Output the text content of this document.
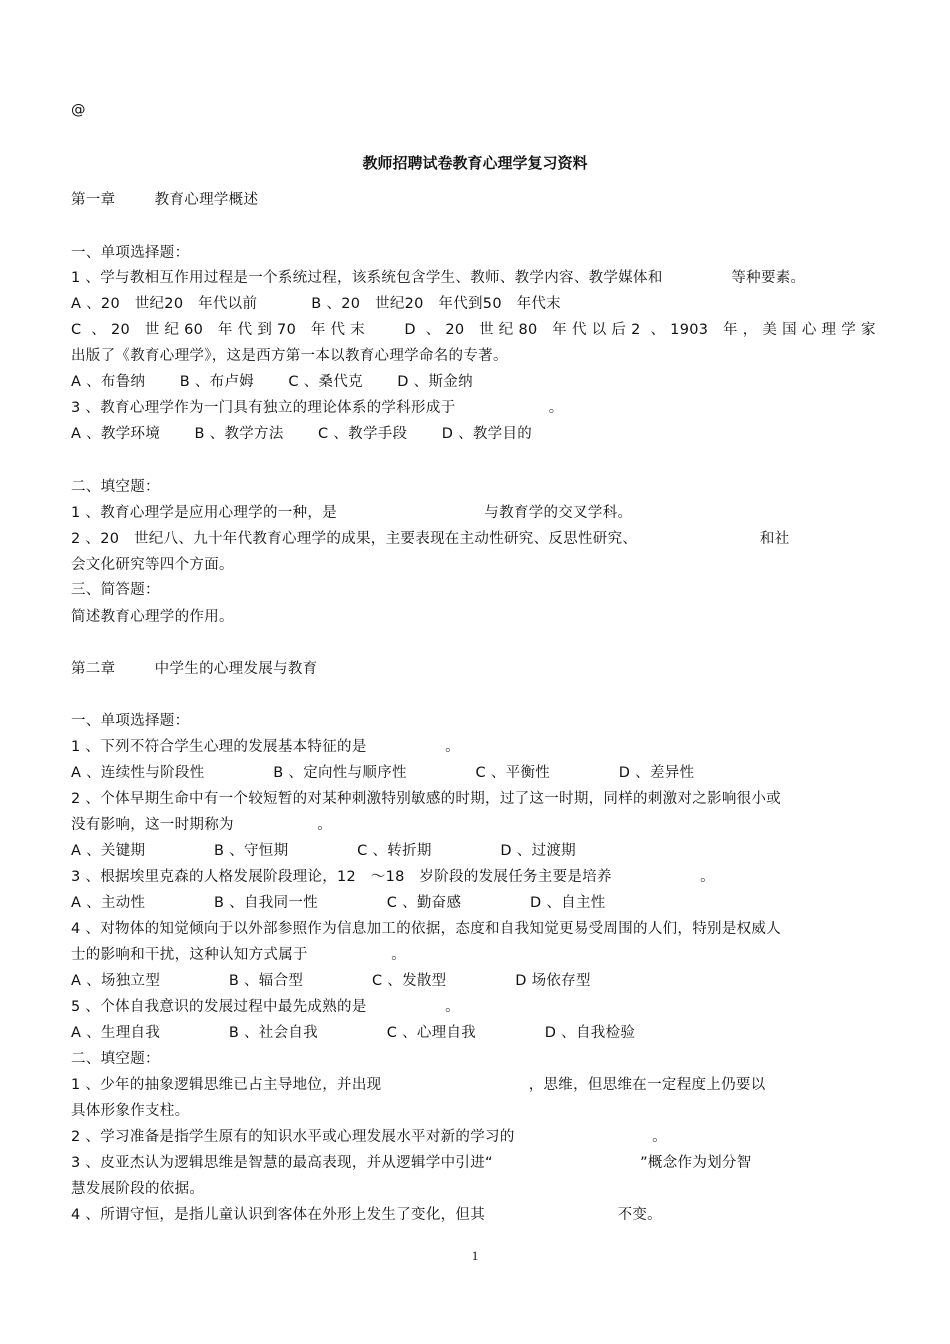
@
教师招聘试卷教育心理学复习资料
第一章        教育心理学概述
一、单项选择题：
1 、学与教相互作用过程是一个系统过程，该系统包含学生、教师、教学内容、教学媒体和              等种要素。
A 、20   世纪20   年代以前           B 、20   世纪20   年代到50   年代末
C  、 20   世 纪 60   年 代 到 70   年 代 末        D  、 20   世 纪 80   年 代 以 后 2  、 1903   年 ， 美 国 心 理 学 家
出版了《教育心理学》，这是西方第一本以教育心理学命名的专著。
A 、布鲁纳       B 、布卢姆       C 、桑代克       D 、斯金纳
3 、教育心理学作为一门具有独立的理论体系的学科形成于                   。
A 、教学环境       B 、教学方法       C 、教学手段       D 、教学目的
二、填空题：
1 、教育心理学是应用心理学的一种，是                              与教育学的交叉学科。
2 、20   世纪八、九十年代教育心理学的成果，主要表现在主动性研究、反思性研究、                         和社
会文化研究等四个方面。
三、简答题：
简述教育心理学的作用。
第二章        中学生的心理发展与教育
一、单项选择题：
1 、下列不符合学生心理的发展基本特征的是                。
A 、连续性与阶段性              B 、定向性与顺序性              C 、平衡性              D 、差异性
2 、个体早期生命中有一个较短暂的对某种刺激特别敏感的时期，过了这一时期，同样的刺激对之影响很小或
没有影响，这一时期称为                 。
A 、关键期              B 、守恒期              C 、转折期              D 、过渡期
3 、根据埃里克森的人格发展阶段理论，12   ～18   岁阶段的发展任务主要是培养                  。
A 、主动性              B 、自我同一性              C 、勤奋感              D 、自主性
4 、对物体的知觉倾向于以外部参照作为信息加工的依据，态度和自我知觉更易受周围的人们，特别是权威人
士的影响和干扰，这种认知方式属于                 。
A 、场独立型              B 、辐合型              C 、发散型              D 场依存型
5 、个体自我意识的发展过程中最先成熟的是                。
A 、生理自我              B 、社会自我              C 、心理自我              D 、自我检验
二、填空题：
1 、少年的抽象逻辑思维已占主导地位，并出现                              ，思维，但思维在一定程度上仍要以
具体形象作支柱。
2 、学习准备是指学生原有的知识水平或心理发展水平对新的学习的                            。
3 、皮亚杰认为逻辑思维是智慧的最高表现，并从逻辑学中引进“                              ”概念作为划分智
慧发展阶段的依据。
4 、所谓守恒，是指儿童认识到客体在外形上发生了变化，但其                           不变。
1
